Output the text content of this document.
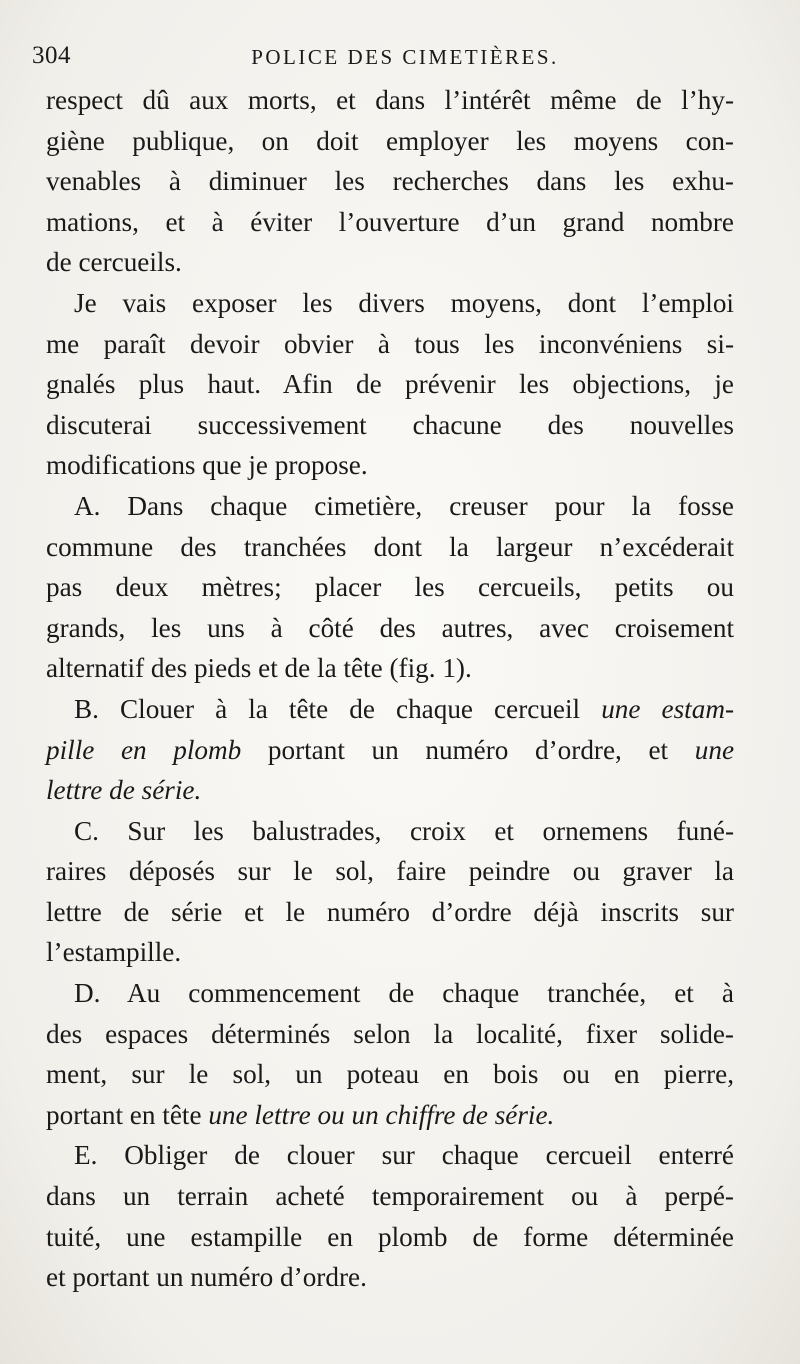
304	POLICE DES CIMETIÈRES.

respect dû aux morts, et dans l’intérêt même de l’hy-
giène publique, on doit employer les moyens con-
venables à diminuer les recherches dans les exhu-
mations, et à éviter l’ouverture d’un grand nombre
de cercueils.

Je vais exposer les divers moyens, dont l’emploi
me paraît devoir obvier à tous les inconvéniens si-
gnalés plus haut. Afin de prévenir les objections, je
discuterai successivement chacune des nouvelles
modifications que je propose.

A. Dans chaque cimetière, creuser pour la fosse
commune des tranchées dont la largeur n’excéderait
pas deux mètres; placer les cercueils, petits ou
grands, les uns à côté des autres, avec croisement
alternatif des pieds et de la tête (fig. 1).

B. Clouer à la tête de chaque cercueil une estam-
pille en plomb portant un numéro d’ordre, et une
lettre de série.

C. Sur les balustrades, croix et ornemens funé-
raires déposés sur le sol, faire peindre ou graver la
lettre de série et le numéro d’ordre déjà inscrits sur
l’estampille.

D. Au commencement de chaque tranchée, et à
des espaces déterminés selon la localité, fixer solide-
ment, sur le sol, un poteau en bois ou en pierre,
portant en tête une lettre ou un chiffre de série.

E. Obliger de clouer sur chaque cercueil enterré
dans un terrain acheté temporairement ou à perpé-
tuité, une estampille en plomb de forme déterminée
et portant un numéro d’ordre.
